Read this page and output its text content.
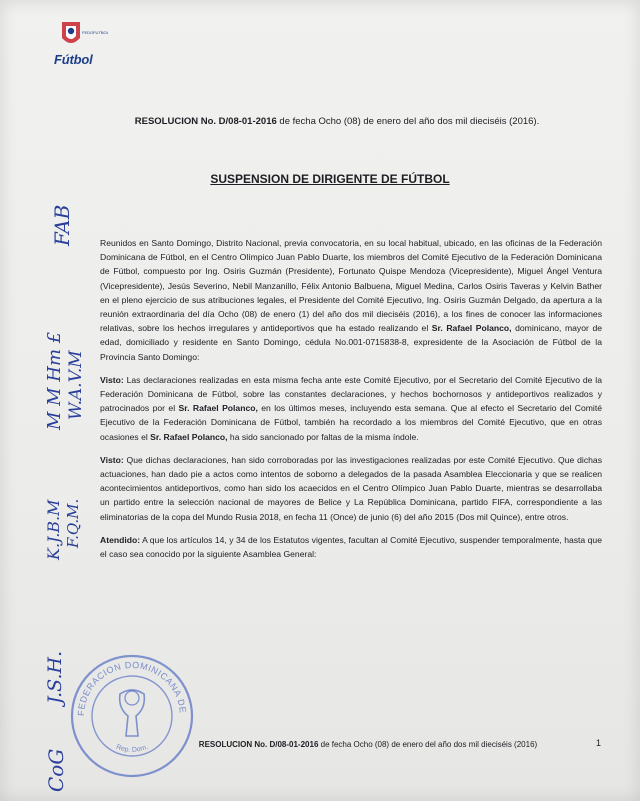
FEDOFUTBOL
Fútbol
RESOLUCION No. D/08-01-2016 de fecha Ocho (08) de enero del año dos mil dieciséis (2016).
SUSPENSION DE DIRIGENTE DE FÚTBOL

Reunidos en Santo Domingo, Distrito Nacional, previa convocatoria, en su local habitual, ubicado, en las oficinas de la Federación Dominicana de Fútbol, en el Centro Olímpico Juan Pablo Duarte, los miembros del Comité Ejecutivo de la Federación Dominicana de Fútbol, compuesto por Ing. Osiris Guzmán (Presidente), Fortunato Quispe Mendoza (Vicepresidente), Miguel Ángel Ventura (Vicepresidente), Jesús Severino, Nebil Manzanillo, Félix Antonio Balbuena, Miguel Medina, Carlos Osiris Taveras y Kelvin Bather en el pleno ejercicio de sus atribuciones legales, el Presidente del Comité Ejecutivo, Ing. Osiris Guzmán Delgado, da apertura a la reunión extraordinaria del día Ocho (08) de enero (1) del año dos mil dieciséis (2016), a los fines de conocer las informaciones relativas, sobre los hechos irregulares y antideportivos que ha estado realizando el Sr. Rafael Polanco, dominicano, mayor de edad, domiciliado y residente en Santo Domingo, cédula No.001-0715838-8, expresidente de la Asociación de Fútbol de la Provincia Santo Domingo:

Visto: Las declaraciones realizadas en esta misma fecha ante este Comité Ejecutivo, por el Secretario del Comité Ejecutivo de la Federación Dominicana de Fútbol, sobre las constantes declaraciones, y hechos bochornosos y antideportivos realizados y patrocinados por el Sr. Rafael Polanco, en los últimos meses, incluyendo esta semana. Que al efecto el Secretario del Comité Ejecutivo de la Federación Dominicana de Fútbol, también ha recordado a los miembros del Comité Ejecutivo, que en otras ocasiones el Sr. Rafael Polanco, ha sido sancionado por faltas de la misma índole.

Visto: Que dichas declaraciones, han sido corroboradas por las investigaciones realizadas por este Comité Ejecutivo. Que dichas actuaciones, han dado pie a actos como intentos de soborno a delegados de la pasada Asamblea Eleccionaria y que se realicen acontecimientos antideportivos, como han sido los acaecidos en el Centro Olímpico Juan Pablo Duarte, mientras se desarrollaba un partido entre la selección nacional de mayores de Belice y La República Dominicana, partido FIFA, correspondiente a las eliminatorias de la copa del Mundo Rusia 2018, en fecha 11 (Once) de junio (6) del año 2015 (Dos mil Quince), entre otros.

Atendido: A que los artículos 14, y 34 de los Estatutos vigentes, facultan al Comité Ejecutivo, suspender temporalmente, hasta que el caso sea conocido por la siguiente Asamblea General:

FEDERACION DOMINICANA DE
Rep. Dom.
FAB
M M Hm £ W.A.V.M
K.J.B.M F.Q.M.
J.S.H.
CoG
RESOLUCION No. D/08-01-2016 de fecha Ocho (08) de enero del año dos mil dieciséis (2016)	1
